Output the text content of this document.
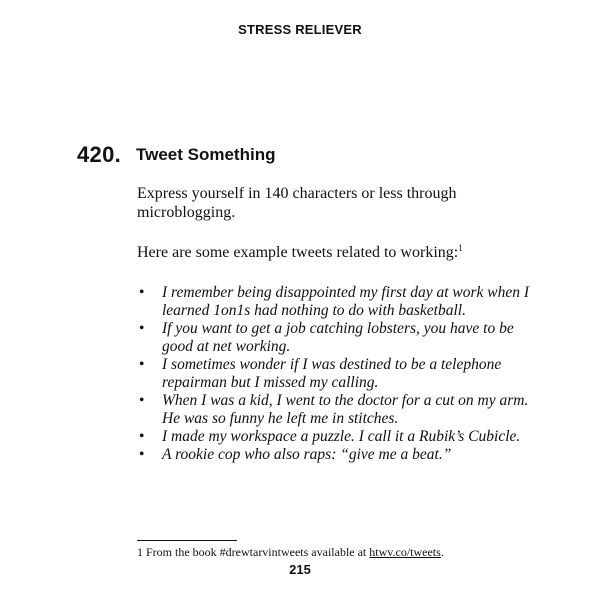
STRESS RELIEVER
420. Tweet Something
Express yourself in 140 characters or less through microblogging.
Here are some example tweets related to working:$^1$
• I remember being disappointed my first day at work when I learned 1on1s had nothing to do with basketball.
• If you want to get a job catching lobsters, you have to be good at net working.
• I sometimes wonder if I was destined to be a telephone repairman but I missed my calling.
• When I was a kid, I went to the doctor for a cut on my arm. He was so funny he left me in stitches.
• I made my workspace a puzzle. I call it a Rubik’s Cubicle.
• A rookie cop who also raps: “give me a beat.”
1 From the book #drewtarvintweets available at htwv.co/tweets.
215
